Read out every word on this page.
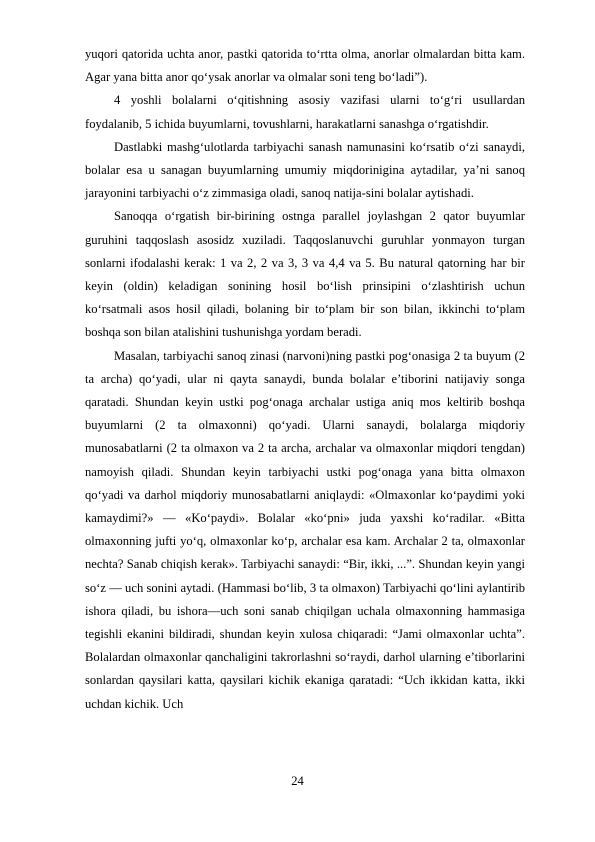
yuqori qatorida uchta anor, pastki qatorida to‘rtta olma, anorlar olmalardan bitta kam. Agar yana bitta anor qo‘ysak anorlar va olmalar soni teng bo‘ladi”).

4 yoshli bolalarni o‘qitishning asosiy vazifasi ularni to‘g‘ri usullardan foydalanib, 5 ichida buyumlarni, tovushlarni, harakatlarni sanashga o‘rgatishdir.

Dastlabki mashg‘ulotlarda tarbiyachi sanash namunasini ko‘rsatib o‘zi sanaydi, bolalar esa u sanagan buyumlarning umumiy miqdorinigina aytadilar, ya’ni sanoq jarayonini tarbiyachi o‘z zimmasiga oladi, sanoq natija-sini bolalar aytishadi.

Sanoqqa o‘rgatish bir-birining ostnga parallel joylashgan 2 qator buyumlar guruhini taqqoslash asosidz xuziladi. Taqqoslanuvchi guruhlar yonmayon turgan sonlarni ifodalashi kerak: 1 va 2, 2 va 3, 3 va 4,4 va 5. Bu natural qatorning har bir keyin (oldin) keladigan sonining hosil bo‘lish prinsipini o‘zlashtirish uchun ko‘rsatmali asos hosil qiladi, bolaning bir to‘plam bir son bilan, ikkinchi to‘plam boshqa son bilan atalishini tushunishga yordam beradi.

Masalan, tarbiyachi sanoq zinasi (narvoni)ning pastki pog‘onasiga 2 ta buyum (2 ta archa) qo‘yadi, ular ni qayta sanaydi, bunda bolalar e’tiborini natijaviy songa qaratadi. Shundan keyin ustki pog‘onaga archalar ustiga aniq mos keltirib boshqa buyumlarni (2 ta olmaxonni) qo‘yadi. Ularni sanaydi, bolalarga miqdoriy munosabatlarni (2 ta olmaxon va 2 ta archa, archalar va olmaxonlar miqdori tengdan) namoyish qiladi. Shundan keyin tarbiyachi ustki pog‘onaga yana bitta olmaxon qo‘yadi va darhol miqdoriy munosabatlarni aniqlaydi: «Olmaxonlar ko‘paydimi yoki kamaydimi?» — «Ko‘paydi». Bolalar «ko‘pni» juda yaxshi ko‘radilar. «Bitta olmaxonning jufti yo‘q, olmaxonlar ko‘p, archalar esa kam. Archalar 2 ta, olmaxonlar nechta? Sanab chiqish kerak». Tarbiyachi sanaydi: “Bir, ikki, ...”. Shundan keyin yangi so‘z — uch sonini aytadi. (Hammasi bo‘lib, 3 ta olmaxon) Tarbiyachi qo‘lini aylantirib ishora qiladi, bu ishora—uch soni sanab chiqilgan uchala olmaxonning hammasiga tegishli ekanini bildiradi, shundan keyin xulosa chiqaradi: “Jami olmaxonlar uchta”. Bolalardan olmaxonlar qanchaligini takrorlashni so‘raydi, darhol ularning e’tiborlarini sonlardan qaysilari katta, qaysilari kichik ekaniga qaratadi: “Uch ikkidan katta, ikki uchdan kichik. Uch

24
